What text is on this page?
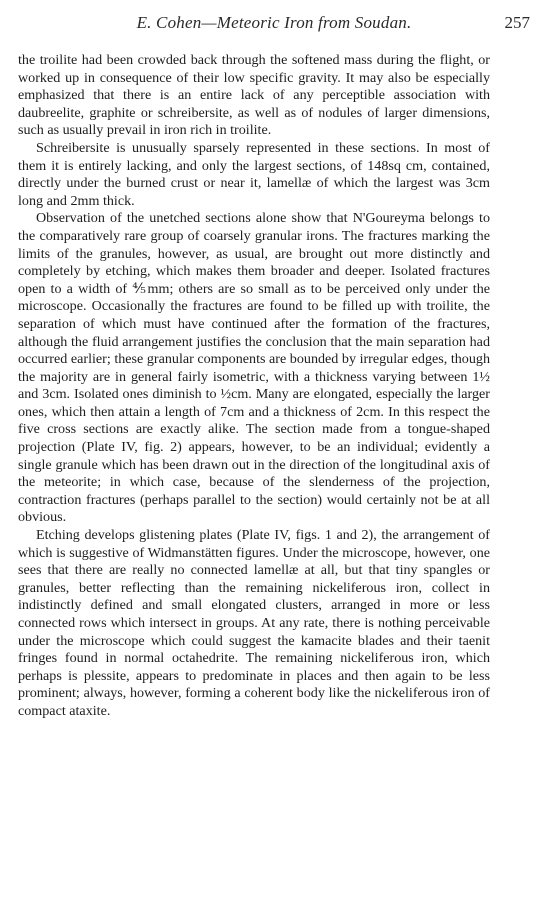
E. Cohen—Meteoric Iron from Soudan.	257

the troilite had been crowded back through the softened mass during the flight, or worked up in consequence of their low specific gravity. It may also be especially emphasized that there is an entire lack of any perceptible association with daubreelite, graphite or schreibersite, as well as of nodules of larger dimensions, such as usually prevail in iron rich in troilite.

Schreibersite is unusually sparsely represented in these sections. In most of them it is entirely lacking, and only the largest sections, of 148sq cm, contained, directly under the burned crust or near it, lamellæ of which the largest was 3cm long and 2mm thick.

Observation of the unetched sections alone show that N'Goureyma belongs to the comparatively rare group of coarsely granular irons. The fractures marking the limits of the granules, however, as usual, are brought out more distinctly and completely by etching, which makes them broader and deeper. Isolated fractures open to a width of ⅘mm; others are so small as to be perceived only under the microscope. Occasionally the fractures are found to be filled up with troilite, the separation of which must have continued after the formation of the fractures, although the fluid arrangement justifies the conclusion that the main separation had occurred earlier; these granular components are bounded by irregular edges, though the majority are in general fairly isometric, with a thickness varying between 1½ and 3cm. Isolated ones diminish to ½cm. Many are elongated, especially the larger ones, which then attain a length of 7cm and a thickness of 2cm. In this respect the five cross sections are exactly alike. The section made from a tongue-shaped projection (Plate IV, fig. 2) appears, however, to be an individual; evidently a single granule which has been drawn out in the direction of the longitudinal axis of the meteorite; in which case, because of the slenderness of the projection, contraction fractures (perhaps parallel to the section) would certainly not be at all obvious.

Etching develops glistening plates (Plate IV, figs. 1 and 2), the arrangement of which is suggestive of Widmanstätten figures. Under the microscope, however, one sees that there are really no connected lamellæ at all, but that tiny spangles or granules, better reflecting than the remaining nickeliferous iron, collect in indistinctly defined and small elongated clusters, arranged in more or less connected rows which intersect in groups. At any rate, there is nothing perceivable under the microscope which could suggest the kamacite blades and their taenit fringes found in normal octahedrite. The remaining nickeliferous iron, which perhaps is plessite, appears to predominate in places and then again to be less prominent; always, however, forming a coherent body like the nickeliferous iron of compact ataxite.
